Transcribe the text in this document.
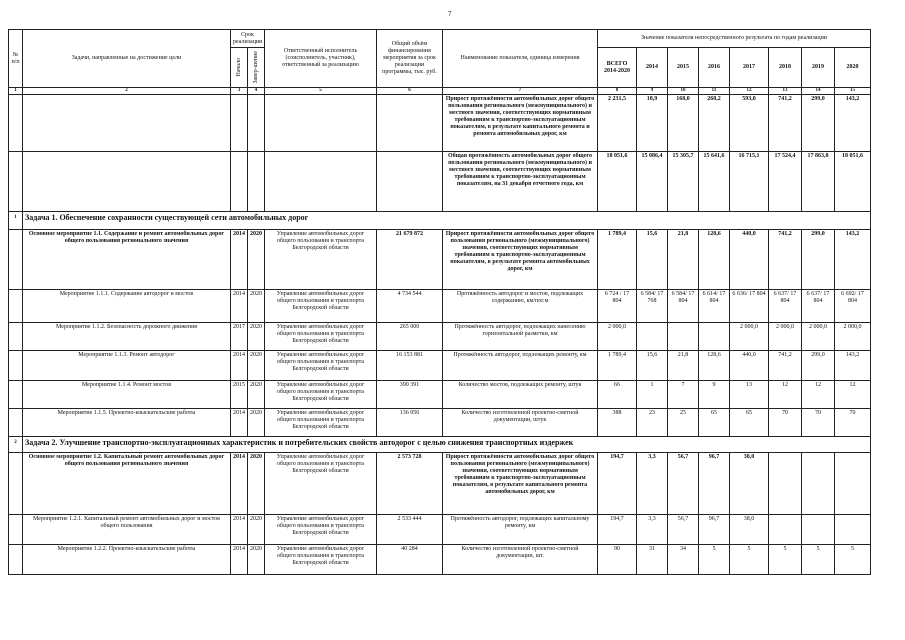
7
№ п/п	Задачи, направленные на достижение цели	Срок реализации		Ответственный исполнитель (соисполнитель, участник), ответственный за реализацию	Общий объём финансирования мероприятия за срок реализации программы, тыс. руб.	Наименование показателя, единица измерения	Значение показателя непосредственного результата по годам реализации							

		Начало	Завер-шение				ВСЕГО 2014-2020	2014	2015	2016	2017	2018	2019	2020
1	2	3	4	5	6	7	8	9	10	11	12	13	14	15
						Прирост протяжённости автомобильных дорог общего пользования регионального (межмуниципального) и местного значения, соответствующих нормативным требованиям к транспортно-эксплуатационным показателям, в результате капитального ремонта и ремонта автомобильных дорог, км	2 231,5	18,9	168,0	268,2	593,0	741,2	299,0	143,2
						Общая протяжённость автомобильных дорог общего пользования регионального (межмуниципального) и местного значения, соответствующих нормативным требованиям к транспортно-эксплуатационным показателям, на 31 декабря отчетного года, км	18 051,6	15 086,4	15 305,7	15 641,6	16 715,1	17 524,4	17 863,8	18 051,6
1	Задача 1. Обеспечение сохранности существующей сети автомобильных дорог													
	Основное мероприятие 1.1. Содержание и ремонт автомобильных дорог общего пользования регионального значения	2014	2020	Управление автомобильных дорог общего пользования и транспорта Белгородской области	21 679 872	Прирост протяжённости автомобильных дорог общего пользования регионального (межмуниципального) значения, соответствующих нормативным требованиям к транспортно-эксплуатационным показателям, в результате ремонта автомобильных дорог, км	1 789,4	15,6	21,8	128,6	440,0	741,2	299,0	143,2
	Мероприятие 1.1.1. Содержание автодорог и мостов	2014	2020	Управление автомобильных дорог общего пользования и транспорта Белгородской области	4 734 544	Протяжённость автодорог и мостов, подлежащих содержанию, км/пог.м	6 724 / 17 804	6 584/ 17 768	6 584/ 17 804	6 614/ 17 804	6 636/ 17 804	6 637/ 17 804	6 637/ 17 804	6 692/ 17 804
	Мероприятие 1.1.2. Безопасность дорожного движения	2017	2020	Управление автомобильных дорог общего пользования и транспорта Белгородской области	265 000	Протяжённость автодорог, подлежащих нанесению горизонтальной разметки, км	2 000,0				2 000,0	2 000,0	2 000,0	2 000,0
	Мероприятие 1.1.3. Ремонт автодорог	2014	2020	Управление автомобильных дорог общего пользования и транспорта Белгородской области	16 153 881	Протяжённость автодорог, подлежащих ремонту, км	1 789,4	15,6	21,8	128,6	440,0	741,2	299,0	143,2
	Мероприятие 1.1.4. Ремонт мостов	2015	2020	Управление автомобильных дорог общего пользования и транспорта Белгородской области	390 391	Количество мостов, подлежащих ремонту, штук	66	1	7	9	13	12	12	12
	Мероприятие 1.1.5. Проектно-изыскательские работы	2014	2020	Управление автомобильных дорог общего пользования и транспорта Белгородской области	136 056	Количество изготовленной проектно-сметной документации, штук	388	23	25	65	65	70	70	70
2	Задача 2. Улучшение транспортно-эксплуатационных характеристик и потребительских свойств автодорог с целью снижения транспортных издержек													
	Основное мероприятие 1.2. Капитальный ремонт автомобильных дорог общего пользования регионального значения	2014	2020	Управление автомобильных дорог общего пользования и транспорта Белгородской области	2 573 728	Прирост протяжённости автомобильных дорог общего пользования регионального (межмуниципального) значения, соответствующих нормативным требованиям к транспортно-эксплуатационным показателям, в результате капитального ремонта автомобильных дорог, км	194,7	3,3	56,7	96,7	38,0			
	Мероприятие 1.2.1. Капитальный ремонт автомобильных дорог и мостов общего пользования	2014	2020	Управление автомобильных дорог общего пользования и транспорта Белгородской области	2 533 444	Протяжённость автодорог, подлежащих капитальному ремонту, км	194,7	3,3	56,7	96,7	38,0			
	Мероприятие 1.2.2. Проектно-изыскательские работы	2014	2020	Управление автомобильных дорог общего пользования и транспорта Белгородской области	40 284	Количество изготовленной проектно-сметной документации, шт.	90	31	34	5	5	5	5	5
